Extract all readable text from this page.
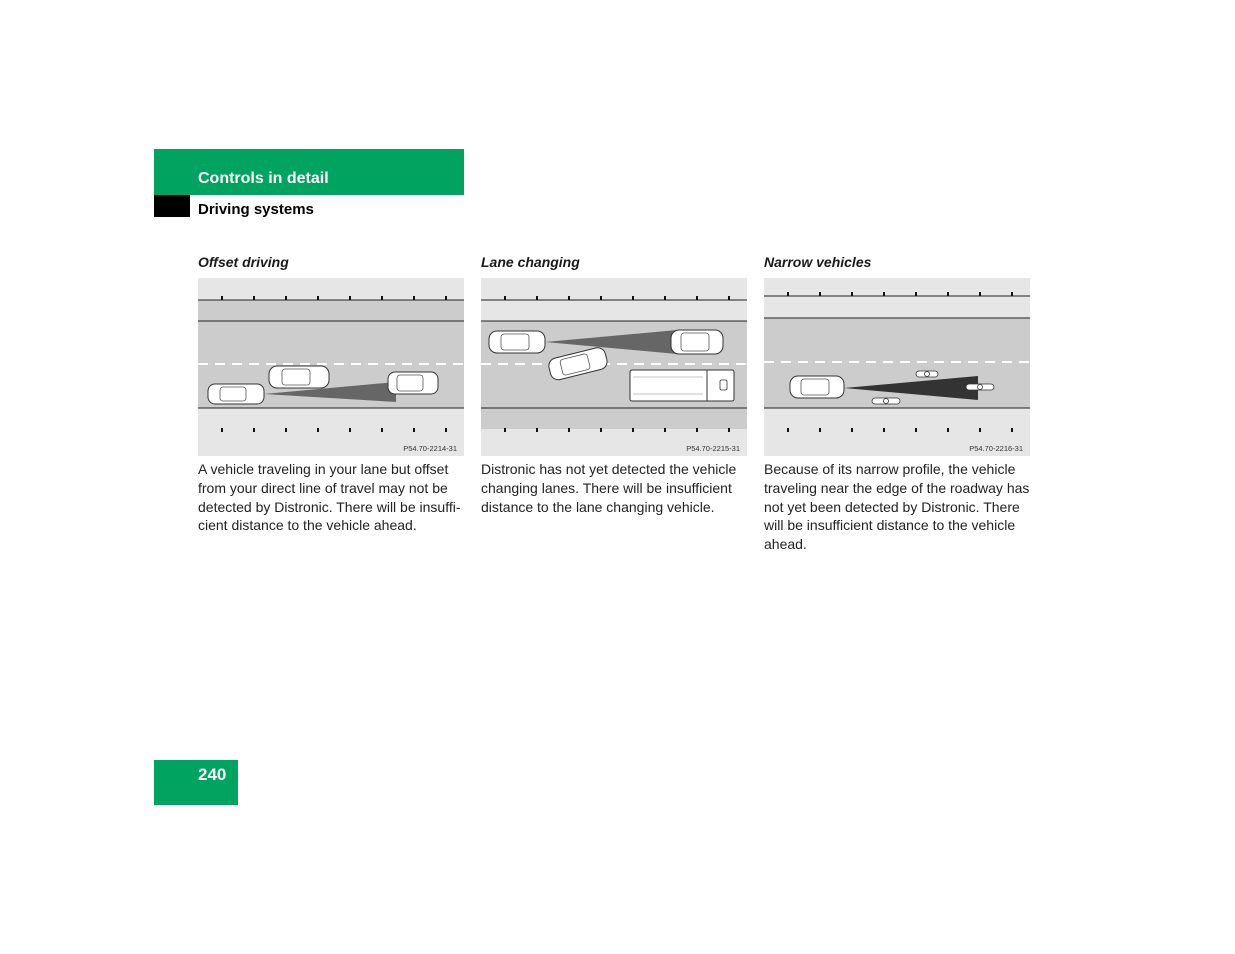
Controls in detail
Driving systems
Offset driving
P54.70-2214-31
A vehicle traveling in your lane but offset from your direct line of travel may not be detected by Distronic. There will be insuffi-cient distance to the vehicle ahead.
Lane changing
P54.70-2215-31
Distronic has not yet detected the vehicle changing lanes. There will be insufficient distance to the lane changing vehicle.
Narrow vehicles
P54.70-2216-31
Because of its narrow profile, the vehicle traveling near the edge of the roadway has not yet been detected by Distronic. There will be insufficient distance to the vehicle ahead.
240
